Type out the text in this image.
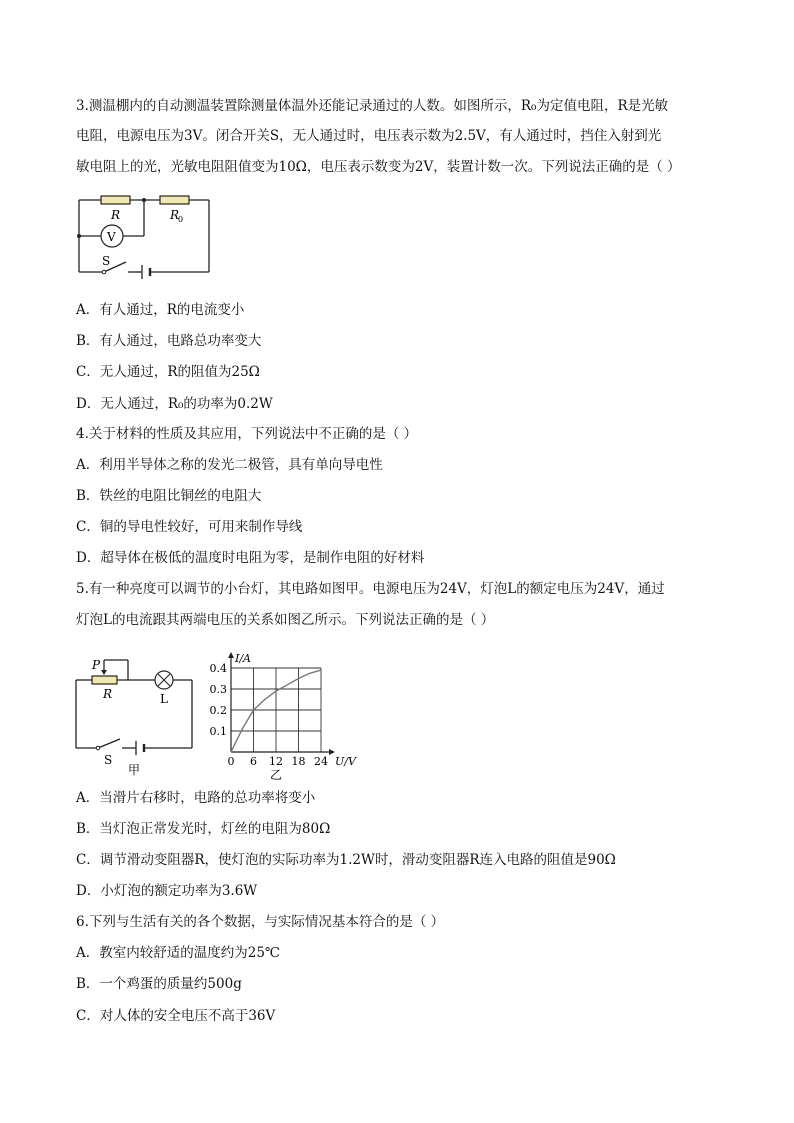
3.测温棚内的自动测温装置除测量体温外还能记录通过的人数。如图所示，R₀为定值电阻，R是光敏
电阻，电源电压为3V。闭合开关S，无人通过时，电压表示数为2.5V，有人通过时，挡住入射到光
敏电阻上的光，光敏电阻阻值变为10Ω，电压表示数变为2V，装置计数一次。下列说法正确的是（ ）
R	R
0
V
S
A．有人通过，R的电流变小
B．有人通过，电路总功率变大
C．无人通过，R的阻值为25Ω
D．无人通过，R₀的功率为0.2W
4.关于材料的性质及其应用，下列说法中不正确的是（ ）
A．利用半导体之称的发光二极管，具有单向导电性
B．铁丝的电阻比铜丝的电阻大
C．铜的导电性较好，可用来制作导线
D．超导体在极低的温度时电阻为零，是制作电阻的好材料
5.有一种亮度可以调节的小台灯，其电路如图甲。电源电压为24V，灯泡L的额定电压为24V，通过
灯泡L的电流跟其两端电压的关系如图乙所示。下列说法正确的是（ ）
P
R	L
S
甲
0 6 12 18 24
0.1
0.2
0.3
0.4
I/A
U/V
乙
A．当滑片右移时，电路的总功率将变小
B．当灯泡正常发光时，灯丝的电阻为80Ω
C．调节滑动变阻器R，使灯泡的实际功率为1.2W时，滑动变阻器R连入电路的阻值是90Ω
D．小灯泡的额定功率为3.6W
6.下列与生活有关的各个数据，与实际情况基本符合的是（ ）
A．教室内较舒适的温度约为25℃
B．一个鸡蛋的质量约500g
C．对人体的安全电压不高于36V
